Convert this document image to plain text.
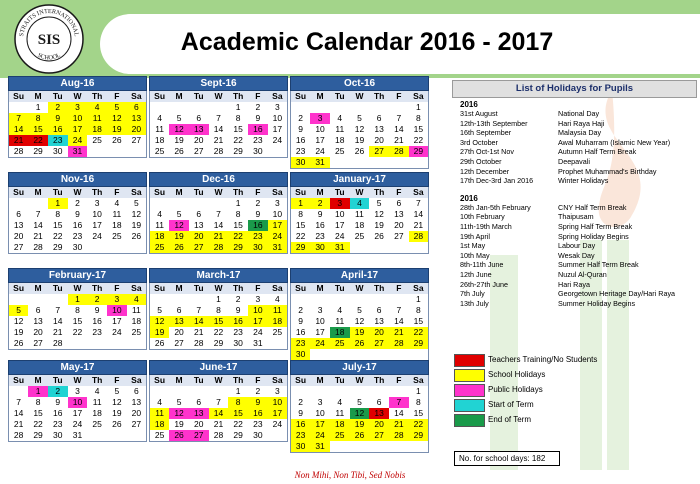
STRAITS INTERNATIONAL
SCHOOL
SIS	Academic Calendar 2016 - 2017
Aug-16
Su	M	Tu	W	Th	F	Sa
	1	2	3	4	5	6
7	8	9	10	11	12	13
14	15	16	17	18	19	20
21	22	23	24	25	26	27
28	29	30	31			
Sept-16
Su	M	Tu	W	Th	F	Sa
				1	2	3
4	5	6	7	8	9	10
11	12	13	14	15	16	17
18	19	20	21	22	23	24
25	26	27	28	29	30	
Oct-16
Su	M	Tu	W	Th	F	Sa
						1
2	3	4	5	6	7	8
9	10	11	12	13	14	15
16	17	18	19	20	21	22
23	24	25	26	27	28	29
30	31					
Nov-16
Su	M	Tu	W	Th	F	Sa
		1	2	3	4	5
6	7	8	9	10	11	12
13	14	15	16	17	18	19
20	21	22	23	24	25	26
27	28	29	30			
Dec-16
Su	M	Tu	W	Th	F	Sa
				1	2	3
4	5	6	7	8	9	10
11	12	13	14	15	16	17
18	19	20	21	22	23	24
25	26	27	28	29	30	31
January-17
Su	M	Tu	W	Th	F	Sa
1	2	3	4	5	6	7
8	9	10	11	12	13	14
15	16	17	18	19	20	21
22	23	24	25	26	27	28
29	30	31				
February-17
Su	M	Tu	W	Th	F	Sa
			1	2	3	4
5	6	7	8	9	10	11
12	13	14	15	16	17	18
19	20	21	22	23	24	25
26	27	28				
March-17
Su	M	Tu	W	Th	F	Sa
			1	2	3	4
5	6	7	8	9	10	11
12	13	14	15	16	17	18
19	20	21	22	23	24	25
26	27	28	29	30	31	
April-17
Su	M	Tu	W	Th	F	Sa
						1
2	3	4	5	6	7	8
9	10	11	12	13	14	15
16	17	18	19	20	21	22
23	24	25	26	27	28	29
30						
May-17
Su	M	Tu	W	Th	F	Sa
	1	2	3	4	5	6
7	8	9	10	11	12	13
14	15	16	17	18	19	20
21	22	23	24	25	26	27
28	29	30	31			
June-17
Su	M	Tu	W	Th	F	Sa
				1	2	3
4	5	6	7	8	9	10
11	12	13	14	15	16	17
18	19	20	21	22	23	24
25	26	27	28	29	30	
July-17
Su	M	Tu	W	Th	F	Sa
						1
2	3	4	5	6	7	8
9	10	11	12	13	14	15
16	17	18	19	20	21	22
23	24	25	26	27	28	29
30	31					
List of Holidays for Pupils
2016
31st August	National Day
12th-13th September	Hari Raya Haji
16th September	Malaysia Day
3rd October	Awal Muharram (Islamic New Year)
27th Oct-1st Nov	Autumn Half Term Break
29th October	Deepavali
12th December	Prophet Muhammad's Birthday
17th Dec-3rd Jan 2016	Winter Holidays
2016
28th Jan-5th February	CNY Half Term Break
10th February	Thaipusam
11th-19th March	Spring Half Term Break
19th April	Spring Holiday Begins
1st May	Labour Day
10th May	Wesak Day
8th-11th June	Summer Half Term Break
12th June	Nuzul Al-Quran
26th-27th June	Hari Raya
7th July	Georgetown Heritage Day/Hari Raya
13th July	Summer Holiday Begins
Teachers Training/No Students
School Holidays
Public Holidays
Start of Term
End of Term
No. for school days: 182
Non Mihi, Non Tibi, Sed Nobis
